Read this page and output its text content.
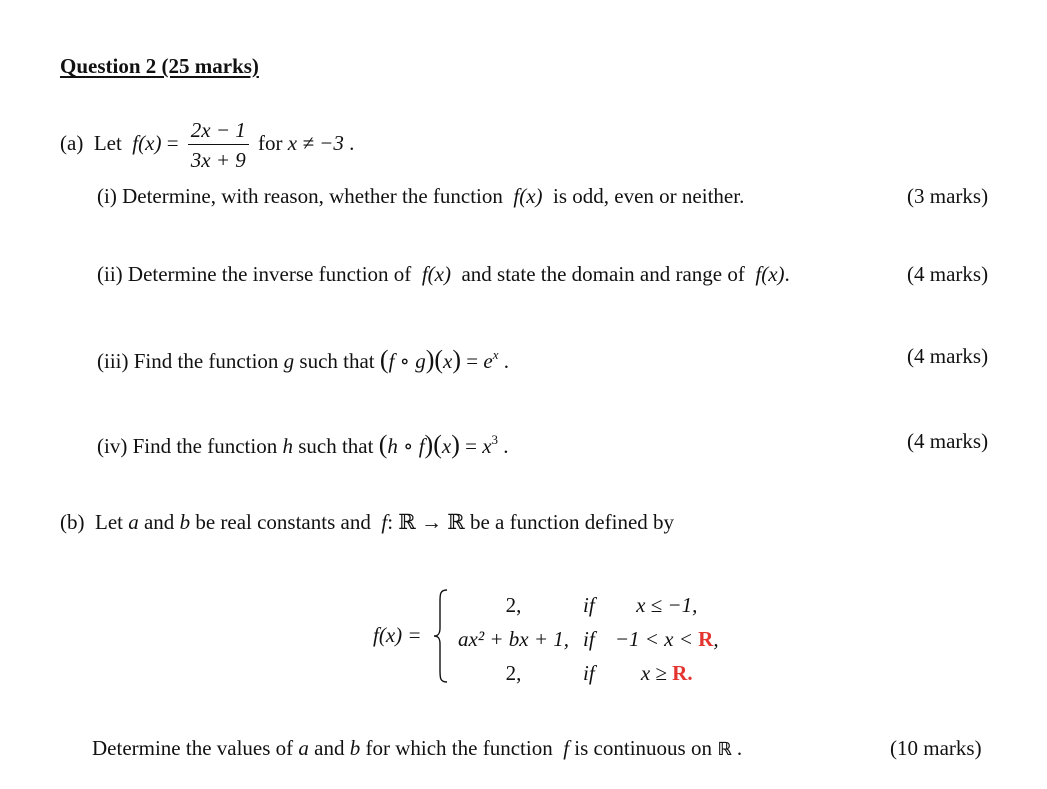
Question 2 (25 marks)
(a) Let $f(x) = \frac{2x - 1}{3x + 9}$ for x ≠ −3 .
(i) Determine, with reason, whether the function f(x) is odd, even or neither.	(3 marks)
(ii) Determine the inverse function of f(x) and state the domain and range of f(x).	(4 marks)
(iii) Find the function g such that (f ∘ $g)(x) = e^x$ .	(4 marks)
(iv) Find the function h such that (h ∘ $f)(x) = x^3$ .	(4 marks)
(b) Let a and b be real constants and f: ℝ → ℝ be a function defined by
f(x) =
2,	if	x ≤ −1,
ax² + bx + 1,	if	−1 < x < R,
2,	if	x ≥ R.
Determine the values of a and b for which the function f is continuous on ℝ .	(10 marks)
